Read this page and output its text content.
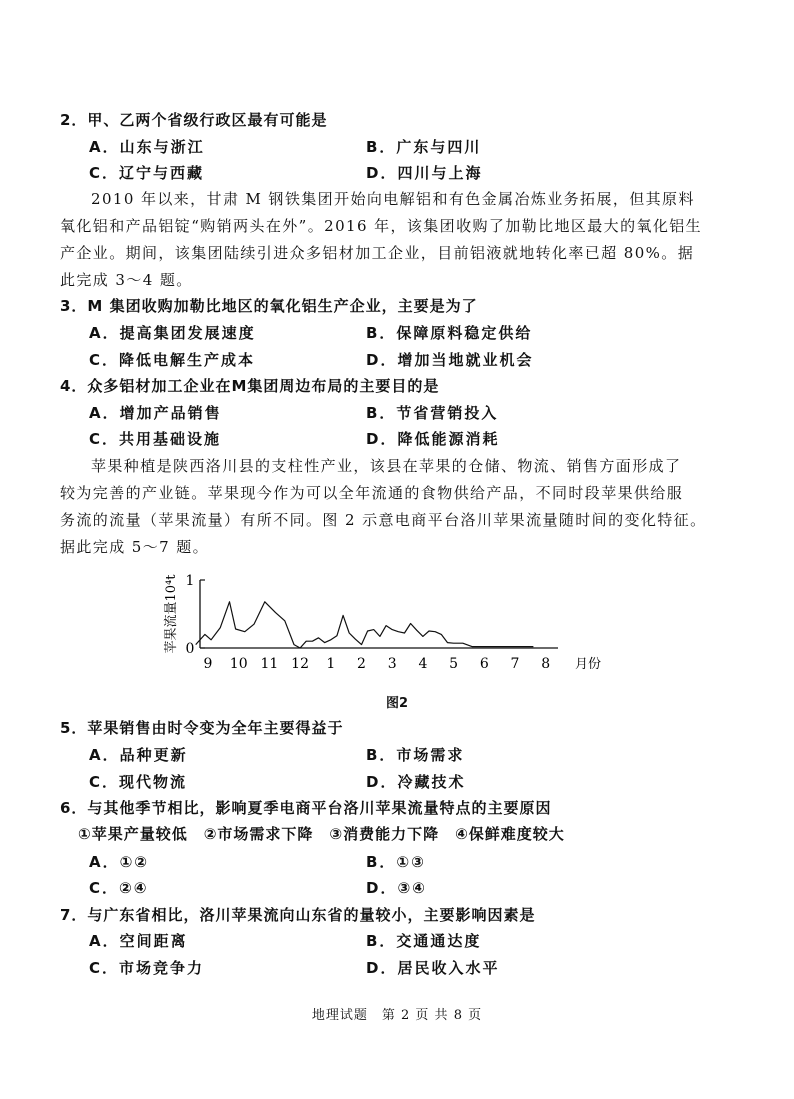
2．甲、乙两个省级行政区最有可能是
A．山东与浙江	B．广东与四川
C．辽宁与西藏	D．四川与上海
2010 年以来，甘肃 M 钢铁集团开始向电解铝和有色金属冶炼业务拓展，但其原料
氧化铝和产品铝锭“购销两头在外”。2016 年，该集团收购了加勒比地区最大的氧化铝生
产企业。期间，该集团陆续引进众多铝材加工企业，目前铝液就地转化率已超 80%。据
此完成 3～4 题。
3．M 集团收购加勒比地区的氧化铝生产企业，主要是为了
A．提高集团发展速度	B．保障原料稳定供给
C．降低电解生产成本	D．增加当地就业机会
4．众多铝材加工企业在M集团周边布局的主要目的是
A．增加产品销售	B．节省营销投入
C．共用基础设施	D．降低能源消耗
苹果种植是陕西洛川县的支柱性产业，该县在苹果的仓储、物流、销售方面形成了
较为完善的产业链。苹果现今作为可以全年流通的食物供给产品，不同时段苹果供给服
务流的流量（苹果流量）有所不同。图 2 示意电商平台洛川苹果流量随时间的变化特征。
据此完成 5～7 题。
1
0
苹果流量10⁴t
9 10 11 12 1 2 3 4 5 6 7 8 月份
图2
5．苹果销售由时令变为全年主要得益于
A．品种更新	B．市场需求
C．现代物流	D．冷藏技术
6．与其他季节相比，影响夏季电商平台洛川苹果流量特点的主要原因
①苹果产量较低　②市场需求下降　③消费能力下降　④保鲜难度较大
A．①②	B．①③
C．②④	D．③④
7．与广东省相比，洛川苹果流向山东省的量较小，主要影响因素是
A．空间距离	B．交通通达度
C．市场竞争力	D．居民收入水平
地理试题　第 2 页 共 8 页
